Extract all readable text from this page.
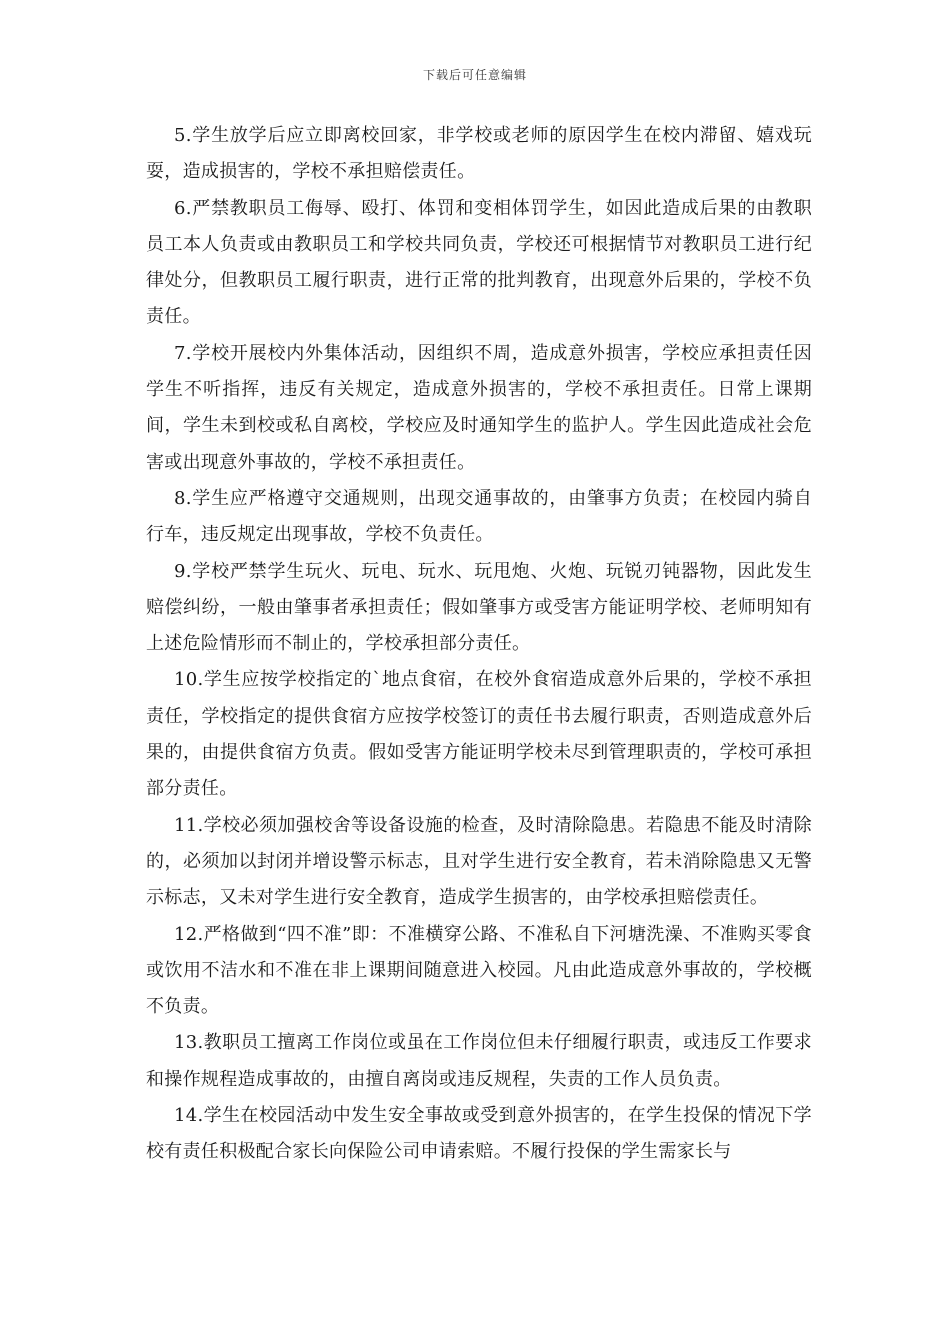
下载后可任意编辑

5.学生放学后应立即离校回家，非学校或老师的原因学生在校内滞留、嬉戏玩耍，造成损害的，学校不承担赔偿责任。

6.严禁教职员工侮辱、殴打、体罚和变相体罚学生，如因此造成后果的由教职员工本人负责或由教职员工和学校共同负责，学校还可根据情节对教职员工进行纪律处分，但教职员工履行职责，进行正常的批判教育，出现意外后果的，学校不负责任。

7.学校开展校内外集体活动，因组织不周，造成意外损害，学校应承担责任因学生不听指挥，违反有关规定，造成意外损害的，学校不承担责任。日常上课期间，学生未到校或私自离校，学校应及时通知学生的监护人。学生因此造成社会危害或出现意外事故的，学校不承担责任。

8.学生应严格遵守交通规则，出现交通事故的，由肇事方负责；在校园内骑自行车，违反规定出现事故，学校不负责任。

9.学校严禁学生玩火、玩电、玩水、玩甩炮、火炮、玩锐刃钝器物，因此发生赔偿纠纷，一般由肇事者承担责任；假如肇事方或受害方能证明学校、老师明知有上述危险情形而不制止的，学校承担部分责任。

10.学生应按学校指定的`地点食宿，在校外食宿造成意外后果的，学校不承担责任，学校指定的提供食宿方应按学校签订的责任书去履行职责，否则造成意外后果的，由提供食宿方负责。假如受害方能证明学校未尽到管理职责的，学校可承担部分责任。

11.学校必须加强校舍等设备设施的检查，及时清除隐患。若隐患不能及时清除的，必须加以封闭并增设警示标志，且对学生进行安全教育，若未消除隐患又无警示标志，又未对学生进行安全教育，造成学生损害的，由学校承担赔偿责任。

12.严格做到“四不准”即：不准横穿公路、不准私自下河塘洗澡、不准购买零食或饮用不洁水和不准在非上课期间随意进入校园。凡由此造成意外事故的，学校概不负责。

13.教职员工擅离工作岗位或虽在工作岗位但未仔细履行职责，或违反工作要求和操作规程造成事故的，由擅自离岗或违反规程，失责的工作人员负责。

14.学生在校园活动中发生安全事故或受到意外损害的，在学生投保的情况下学校有责任积极配合家长向保险公司申请索赔。不履行投保的学生需家长与
